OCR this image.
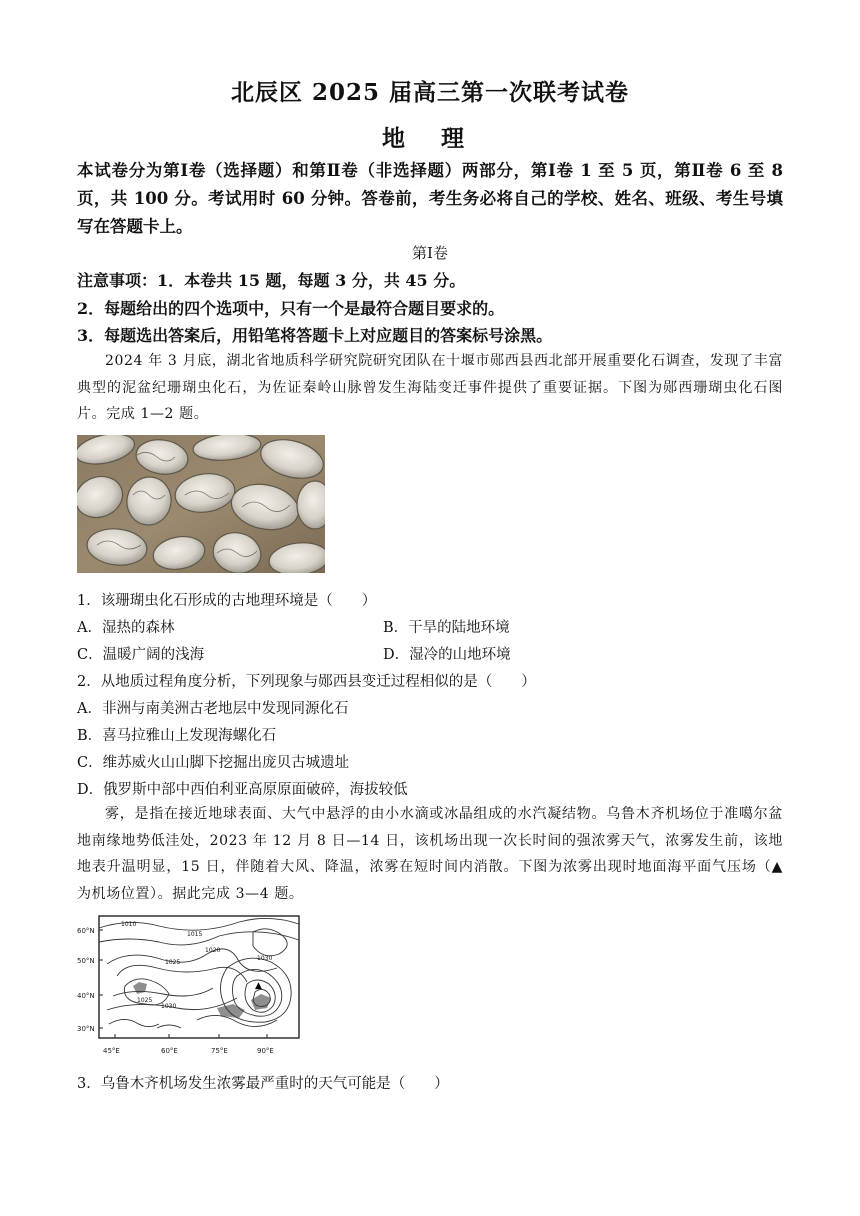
北辰区 2025 届高三第一次联考试卷
地 理
本试卷分为第Ⅰ卷（选择题）和第Ⅱ卷（非选择题）两部分，第Ⅰ卷 1 至 5 页，第Ⅱ卷 6 至 8 页，共 100 分。考试用时 60 分钟。答卷前，考生务必将自己的学校、姓名、班级、考生号填写在答题卡上。
第Ⅰ卷
注意事项：1．本卷共 15 题，每题 3 分，共 45 分。
2．每题给出的四个选项中，只有一个是最符合题目要求的。
3．每题选出答案后，用铅笔将答题卡上对应题目的答案标号涂黑。
2024 年 3 月底，湖北省地质科学研究院研究团队在十堰市郧西县西北部开展重要化石调查，发现了丰富典型的泥盆纪珊瑚虫化石，为佐证秦岭山脉曾发生海陆变迁事件提供了重要证据。下图为郧西珊瑚虫化石图片。完成 1—2 题。
1．该珊瑚虫化石形成的古地理环境是（　　）
A．湿热的森林	B．干旱的陆地环境
C．温暖广阔的浅海	D．湿冷的山地环境
2．从地质过程角度分析，下列现象与郧西县变迁过程相似的是（　　）
A．非洲与南美洲古老地层中发现同源化石
B．喜马拉雅山上发现海螺化石
C．维苏威火山山脚下挖掘出庞贝古城遗址
D．俄罗斯中部中西伯利亚高原原面破碎，海拔较低
雾，是指在接近地球表面、大气中悬浮的由小水滴或冰晶组成的水汽凝结物。乌鲁木齐机场位于准噶尔盆地南缘地势低洼处，2023 年 12 月 8 日—14 日，该机场出现一次长时间的强浓雾天气，浓雾发生前，该地地表升温明显，15 日，伴随着大风、降温，浓雾在短时间内消散。下图为浓雾出现时地面海平面气压场（▲为机场位置）。据此完成 3—4 题。
60°N
50°N
40°N
30°N
45°E	60°E	75°E	90°E
1010
1015
1020
1025
1030
1025
1030
▲
3．乌鲁木齐机场发生浓雾最严重时的天气可能是（　　）
